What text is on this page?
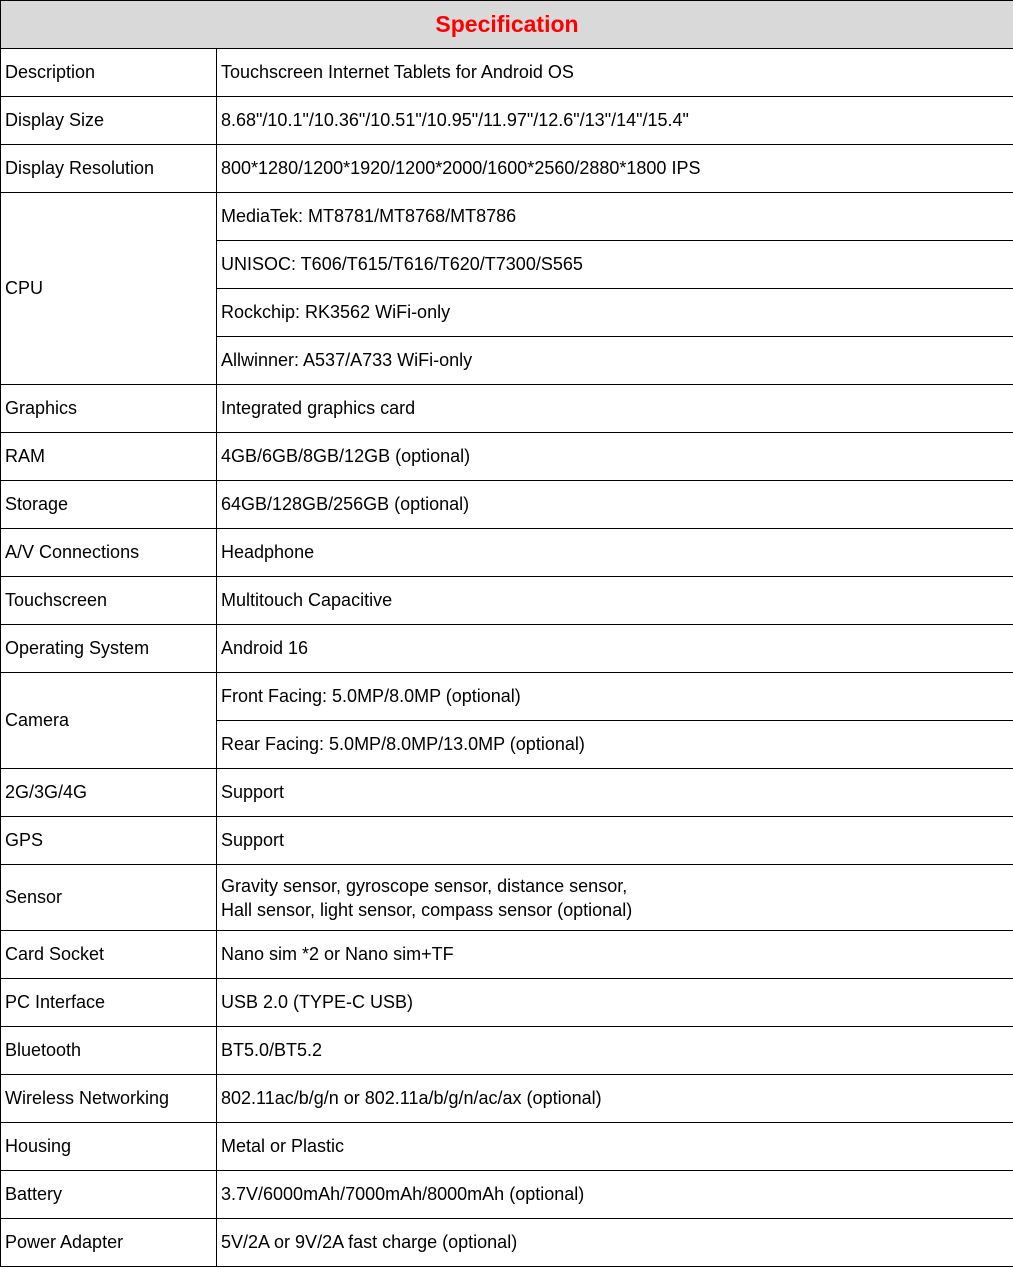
Specification	
Description	Touchscreen Internet Tablets for Android OS
Display Size	8.68"/10.1"/10.36"/10.51"/10.95"/11.97"/12.6"/13"/14"/15.4"
Display Resolution	800*1280/1200*1920/1200*2000/1600*2560/2880*1800 IPS
CPU	MediaTek: MT8781/MT8768/MT8786
	UNISOC: T606/T615/T616/T620/T7300/S565
	Rockchip: RK3562 WiFi-only
	Allwinner: A537/A733 WiFi-only
Graphics	Integrated graphics card
RAM	4GB/6GB/8GB/12GB (optional)
Storage	64GB/128GB/256GB (optional)
A/V Connections	Headphone
Touchscreen	Multitouch Capacitive
Operating System	Android 16
Camera	Front Facing: 5.0MP/8.0MP (optional)
	Rear Facing: 5.0MP/8.0MP/13.0MP (optional)
2G/3G/4G	Support
GPS	Support
Sensor	Gravity sensor, gyroscope sensor, distance sensor,
Hall sensor, light sensor, compass sensor (optional)

Card Socket	Nano sim *2 or Nano sim+TF
PC Interface	USB 2.0 (TYPE-C USB)
Bluetooth	BT5.0/BT5.2
Wireless Networking	802.11ac/b/g/n or 802.11a/b/g/n/ac/ax (optional)
Housing	Metal or Plastic
Battery	3.7V/6000mAh/7000mAh/8000mAh (optional)
Power Adapter	5V/2A or 9V/2A fast charge (optional)
